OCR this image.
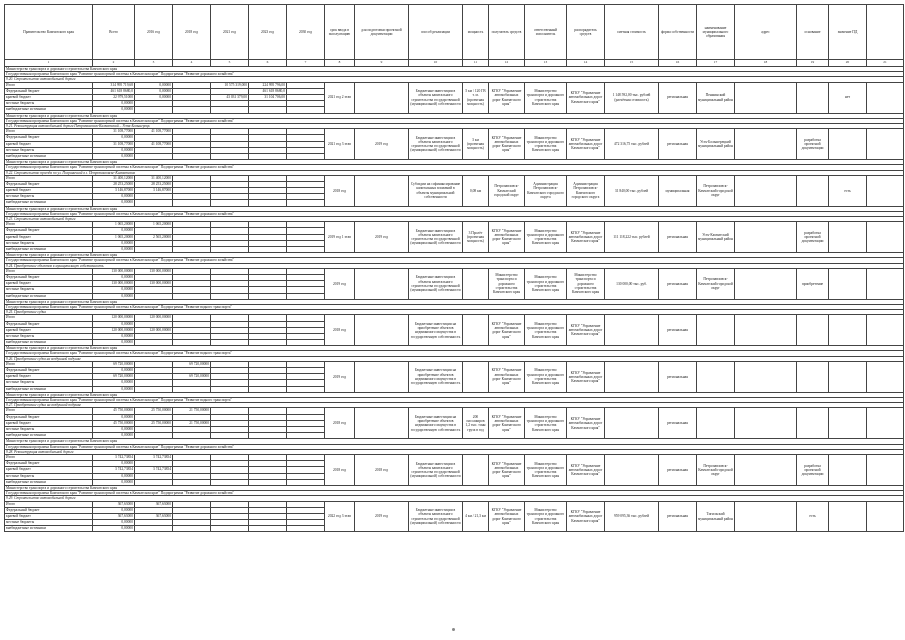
Правительство Камчатского края	Всего	2016 год	2018 год	2021 год	2023 год	2030 год	срок ввода в эксплуатацию	для подготовки проектной документации	способ реализации	мощность	получатель средств	ответственный исполнитель	распорядитель средств	сметная стоимость	форма собственности	наименование муниципального образования	адрес	основание	значение ПД	
1	2	3	4	5	6	7	8	9	10	11	12	13	14	15	16	17	18	19	20	21
Министерство транспорта и дорожного строительства Камчатского края																				
Государственная программа Камчатского края "Развитие транспортной системы в Камчатском крае" Подпрограмма "Развитие дорожного хозяйства"																				
9.20. Строительство автомобильной дороги																				
Итого	314 995 719,68	0,00000		10 575 319,000	224 995 796,00		2021 год 2 этап		Бюджетные инвестиции в объекты капитального строительства государственной (муниципальной) собственности	5 км / 120 ГВ т. м. (проектная мощность)	КГКУ "Управление автомобильных дорог Камчатского края"	Министерство транспорта и дорожного строительства Камчатского края	КГКУ "Управление автомобильных дорог Камчатского края"	1 148 592,00 тыс. рублей (расчётная стоимость)	региональная	Пенжинский муниципальный район			нет	
Федеральный бюджет	461 618 8680,0	0,00000			461 618 8680,0															
краевой бюджет	22 979,51000	0,00000		43 031 379,00	31 104 706,00															
местные бюджеты	0,00000																			
внебюджетные источники	0,00000																			
Министерство транспорта и дорожного строительства Камчатского края																				
Государственная программа Камчатского края "Развитие транспортной системы в Камчатском крае" Подпрограмма "Развитие дорожного хозяйства"																				
9.21. Реконструкция автомобильной дороги Петропавловск-Камчатский – Усть-Большерецк																				
Итого	31 108,77000	41 108,77000					2021 год 3 этап	2019 год	Бюджетные инвестиции в объекты капитального строительства государственной (муниципальной) собственности	3 км (проектная мощность)	КГКУ "Управление автомобильных дорог Камчатского края"	Министерство транспорта и дорожного строительства Камчатского края	КГКУ "Управление автомобильных дорог Камчатского края"	472 316,75 тыс. рублей	региональная	Усть-Большерецкий муниципальный район		разработка проектной документации		
Федеральный бюджет	0,00000																			
краевой бюджет	31 108,77000	41 108,77000																		
местные бюджеты	0,00000																			
внебюджетные источники	0,00000																			
Министерство транспорта и дорожного строительства Камчатского края																				
Государственная программа Камчатского края "Развитие транспортной системы в Камчатском крае" Подпрограмма "Развитие дорожного хозяйства"																				
9.22. Строительство проезда по ул. Пограничной в г. Петропавловске-Камчатском																				
Итого	31 400,12000	31 400,12000					2018 год		Субсидии на софинансирование капитальных вложений в объекты муниципальной собственности	0,08 км	Петропавловск-Камчатский городской округ	Администрация Петропавловск-Камчатского городского округа	Администрация Петропавловск-Камчатского городского округа	31 840,00 тыс. рублей	муниципальная	Петропавловск-Камчатский городской округ			есть	
Федеральный бюджет	28 253,25000	28 253,25000																		
краевой бюджет	3 146,87000	3 146,87000																		
местные бюджеты	0,00000																			
внебюджетные источники	0,00000																			
Министерство транспорта и дорожного строительства Камчатского края																				
Государственная программа Камчатского края "Развитие транспортной системы в Камчатском крае" Подпрограмма "Развитие дорожного хозяйства"																				
9.23. Строительство автомобильной дороги																				
Итого	1 065,20000	1 065,20000					2019 год 1 этап	2019 год	Бюджетные инвестиции в объекты капитального строительства государственной (муниципальной) собственности	3 Пролёт (проектная мощность)	КГКУ "Управление автомобильных дорог Камчатского края"	Министерство транспорта и дорожного строительства Камчатского края	КГКУ "Управление автомобильных дорог Камчатского края"	111 118,222 тыс. рублей	региональная	Усть-Камчатский муниципальный район		разработка проектной документации		
Федеральный бюджет	0,00000																			
краевой бюджет	1 065,20000	2 565,20000																		
местные бюджеты	0,00000																			
внебюджетные источники	0,00000																			
Министерство транспорта и дорожного строительства Камчатского края																				
Государственная программа Камчатского края "Развитие транспортной системы в Камчатском крае" Подпрограмма "Развитие дорожного хозяйства"																				
9.24. Приобретение объектов в муниципальную собственность																				
Итого	130 000,00000	130 000,00000					2019 год		Бюджетные инвестиции в объекты капитального строительства государственной (муниципальной) собственности		Министерство транспорта и дорожного строительства Камчатского края	Министерство транспорта и дорожного строительства Камчатского края	Министерство транспорта и дорожного строительства Камчатского края	130 000,00 тыс. руб.	региональная	Петропавловск-Камчатский городской округ		приобретение		
Федеральный бюджет	0,00000																			
краевой бюджет	130 000,00000	130 000,00000																		
местные бюджеты	0,00000																			
внебюджетные источники	0,00000																			
Министерство транспорта и дорожного строительства Камчатского края																				
Государственная программа Камчатского края "Развитие транспортной системы в Камчатском крае" Подпрограмма "Развитие водного транспорта"																				
9.25. Приобретение судна																				
Итого	120 000,00000	120 000,00000					2018 год		Бюджетные инвестиции на приобретение объектов недвижимого имущества в государственную собственность		КГКУ "Управление автомобильных дорог Камчатского края"	Министерство транспорта и дорожного строительства Камчатского края	КГКУ "Управление автомобильных дорог Камчатского края"		региональная					
Федеральный бюджет	0,00000																			
краевой бюджет	120 000,00000	120 000,00000																		
местные бюджеты	0,00000																			
внебюджетные источники	0,00000																			
Министерство транспорта и дорожного строительства Камчатского края																				
Государственная программа Камчатского края "Развитие транспортной системы в Камчатском крае" Подпрограмма "Развитие водного транспорта"																				
9.26. Приобретение судов на воздушной подушке																				
Итого	69 720,00000		69 720,00000				2019 год		Бюджетные инвестиции на приобретение объектов недвижимого имущества в государственную собственность		КГКУ "Управление автомобильных дорог Камчатского края"	Министерство транспорта и дорожного строительства Камчатского края	КГКУ "Управление автомобильных дорог Камчатского края"		региональная					
Федеральный бюджет	0,00000																			
краевой бюджет	69 720,00000		69 720,00000																	
местные бюджеты	0,00000																			
внебюджетные источники	0,00000																			
Министерство транспорта и дорожного строительства Камчатского края																				
Государственная программа Камчатского края "Развитие транспортной системы в Камчатском крае" Подпрограмма "Развитие водного транспорта"																				
9.27. Приобретение судна на воздушной подушке																				
Итого	45 750,00000	25 750,00000	21 750,00000				2018 год		Бюджетные инвестиции на приобретение объектов недвижимого имущества в государственную собственность	200 пассажиров 1,2 тыс. тонн груза в год	КГКУ "Управление автомобильных дорог Камчатского края"	Министерство транспорта и дорожного строительства Камчатского края	КГКУ "Управление автомобильных дорог Камчатского края"		региональная					
Федеральный бюджет	0,00000																			
краевой бюджет	45 750,00000	25 750,00000	21 750,00000																	
местные бюджеты	0,00000																			
внебюджетные источники	0,00000																			
Министерство транспорта и дорожного строительства Камчатского края																				
Государственная программа Камчатского края "Развитие транспортной системы в Камчатском крае" Подпрограмма "Развитие дорожного хозяйства"																				
9.28. Реконструкция автомобильной дороги																				
Итого	3 742,73854	3 742,73854					2018 год	2018 год	Бюджетные инвестиции в объекты капитального строительства государственной (муниципальной) собственности		КГКУ "Управление автомобильных дорог Камчатского края"	Министерство транспорта и дорожного строительства Камчатского края	КГКУ "Управление автомобильных дорог Камчатского края"		региональная	Петропавловск-Камчатский городской округ		разработка проектной документации		
Федеральный бюджет	0,00000																			
краевой бюджет	3 742,73854	3 742,73854																		
местные бюджеты	0,00000																			
внебюджетные источники	0,00000																			
Министерство транспорта и дорожного строительства Камчатского края																				
Государственная программа Камчатского края "Развитие транспортной системы в Камчатском крае" Подпрограмма "Развитие дорожного хозяйства"																				
9.29. Строительство автомобильной дороги																				
Итого	367,63000	367,63000					2022 год 3 этап	2019 год	Бюджетные инвестиции в объекты капитального строительства государственной (муниципальной) собственности	4 км / 21,3 км	КГКУ "Управление автомобильных дорог Камчатского края"	Министерство транспорта и дорожного строительства Камчатского края	КГКУ "Управление автомобильных дорог Камчатского края"	959 095,36 тыс. рублей	региональная	Тигильский муниципальный район		есть		
Федеральный бюджет	0,00000																			
краевой бюджет	367,63000	367,63000																		
местные бюджеты	0,00000																			
внебюджетные источники	0,00000																			
